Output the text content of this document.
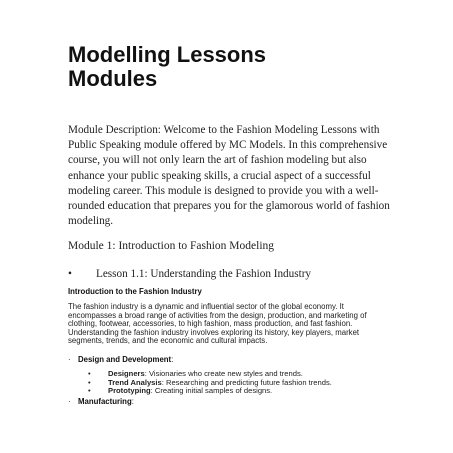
Modelling Lessons
Modules

Module Description: Welcome to the Fashion Modeling Lessons with Public Speaking module offered by MC Models. In this comprehensive course, you will not only learn the art of fashion modeling but also enhance your public speaking skills, a crucial aspect of a successful modeling career. This module is designed to provide you with a well-rounded education that prepares you for the glamorous world of fashion modeling.

Module 1: Introduction to Fashion Modeling

• Lesson 1.1: Understanding the Fashion Industry

Introduction to the Fashion Industry

The fashion industry is a dynamic and influential sector of the global economy. It encompasses a broad range of activities from the design, production, and marketing of clothing, footwear, accessories, to high fashion, mass production, and fast fashion. Understanding the fashion industry involves exploring its history, key players, market segments, trends, and the economic and cultural impacts.

· Design and Development:
• Designers: Visionaries who create new styles and trends.
• Trend Analysis: Researching and predicting future fashion trends.
• Prototyping: Creating initial samples of designs.
· Manufacturing:
